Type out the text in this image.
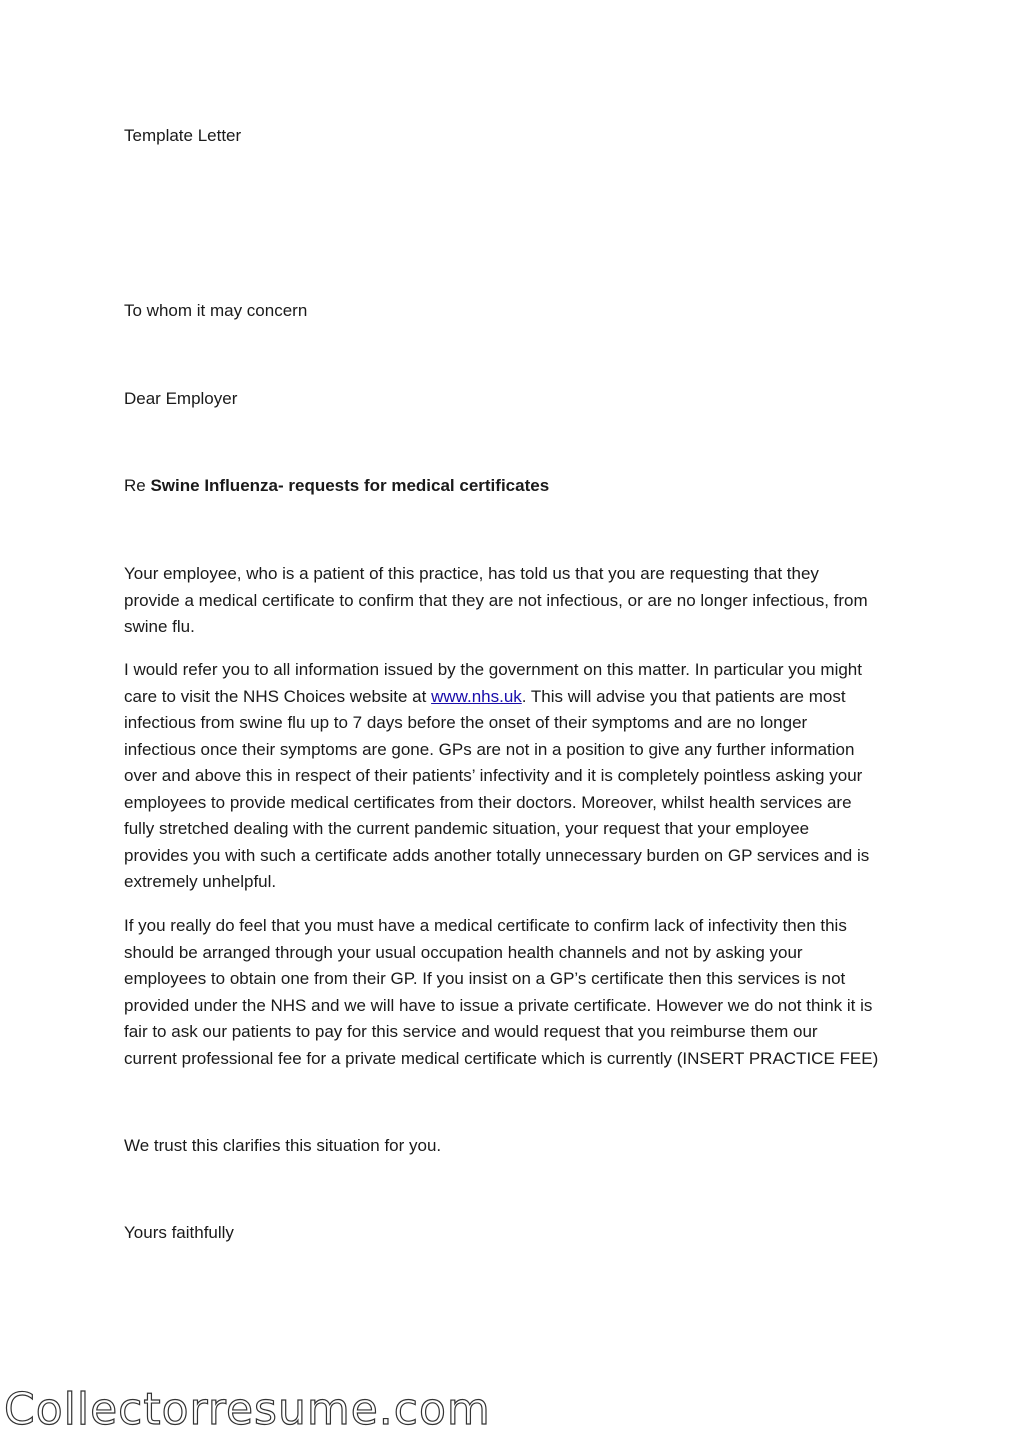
Template Letter
To whom it may concern
Dear Employer
Re Swine Influenza- requests for medical certificates

Your employee, who is a patient of this practice, has told us that you are requesting that they

provide a medical certificate to confirm that they are not infectious, or are no longer infectious, from

swine flu.

I would refer you to all information issued by the government on this matter. In particular you might

care to visit the NHS Choices website at www.nhs.uk. This will advise you that patients are most

infectious from swine flu up to 7 days before the onset of their symptoms and are no longer

infectious once their symptoms are gone. GPs are not in a position to give any further information

over and above this in respect of their patients’ infectivity and it is completely pointless asking your

employees to provide medical certificates from their doctors. Moreover, whilst health services are

fully stretched dealing with the current pandemic situation, your request that your employee

provides you with such a certificate adds another totally unnecessary burden on GP services and is

extremely unhelpful.

If you really do feel that you must have a medical certificate to confirm lack of infectivity then this

should be arranged through your usual occupation health channels and not by asking your

employees to obtain one from their GP. If you insist on a GP’s certificate then this services is not

provided under the NHS and we will have to issue a private certificate. However we do not think it is

fair to ask our patients to pay for this service and would request that you reimburse them our

current professional fee for a private medical certificate which is currently (INSERT PRACTICE FEE)

We trust this clarifies this situation for you.
Yours faithfully
Collectorresume.com
